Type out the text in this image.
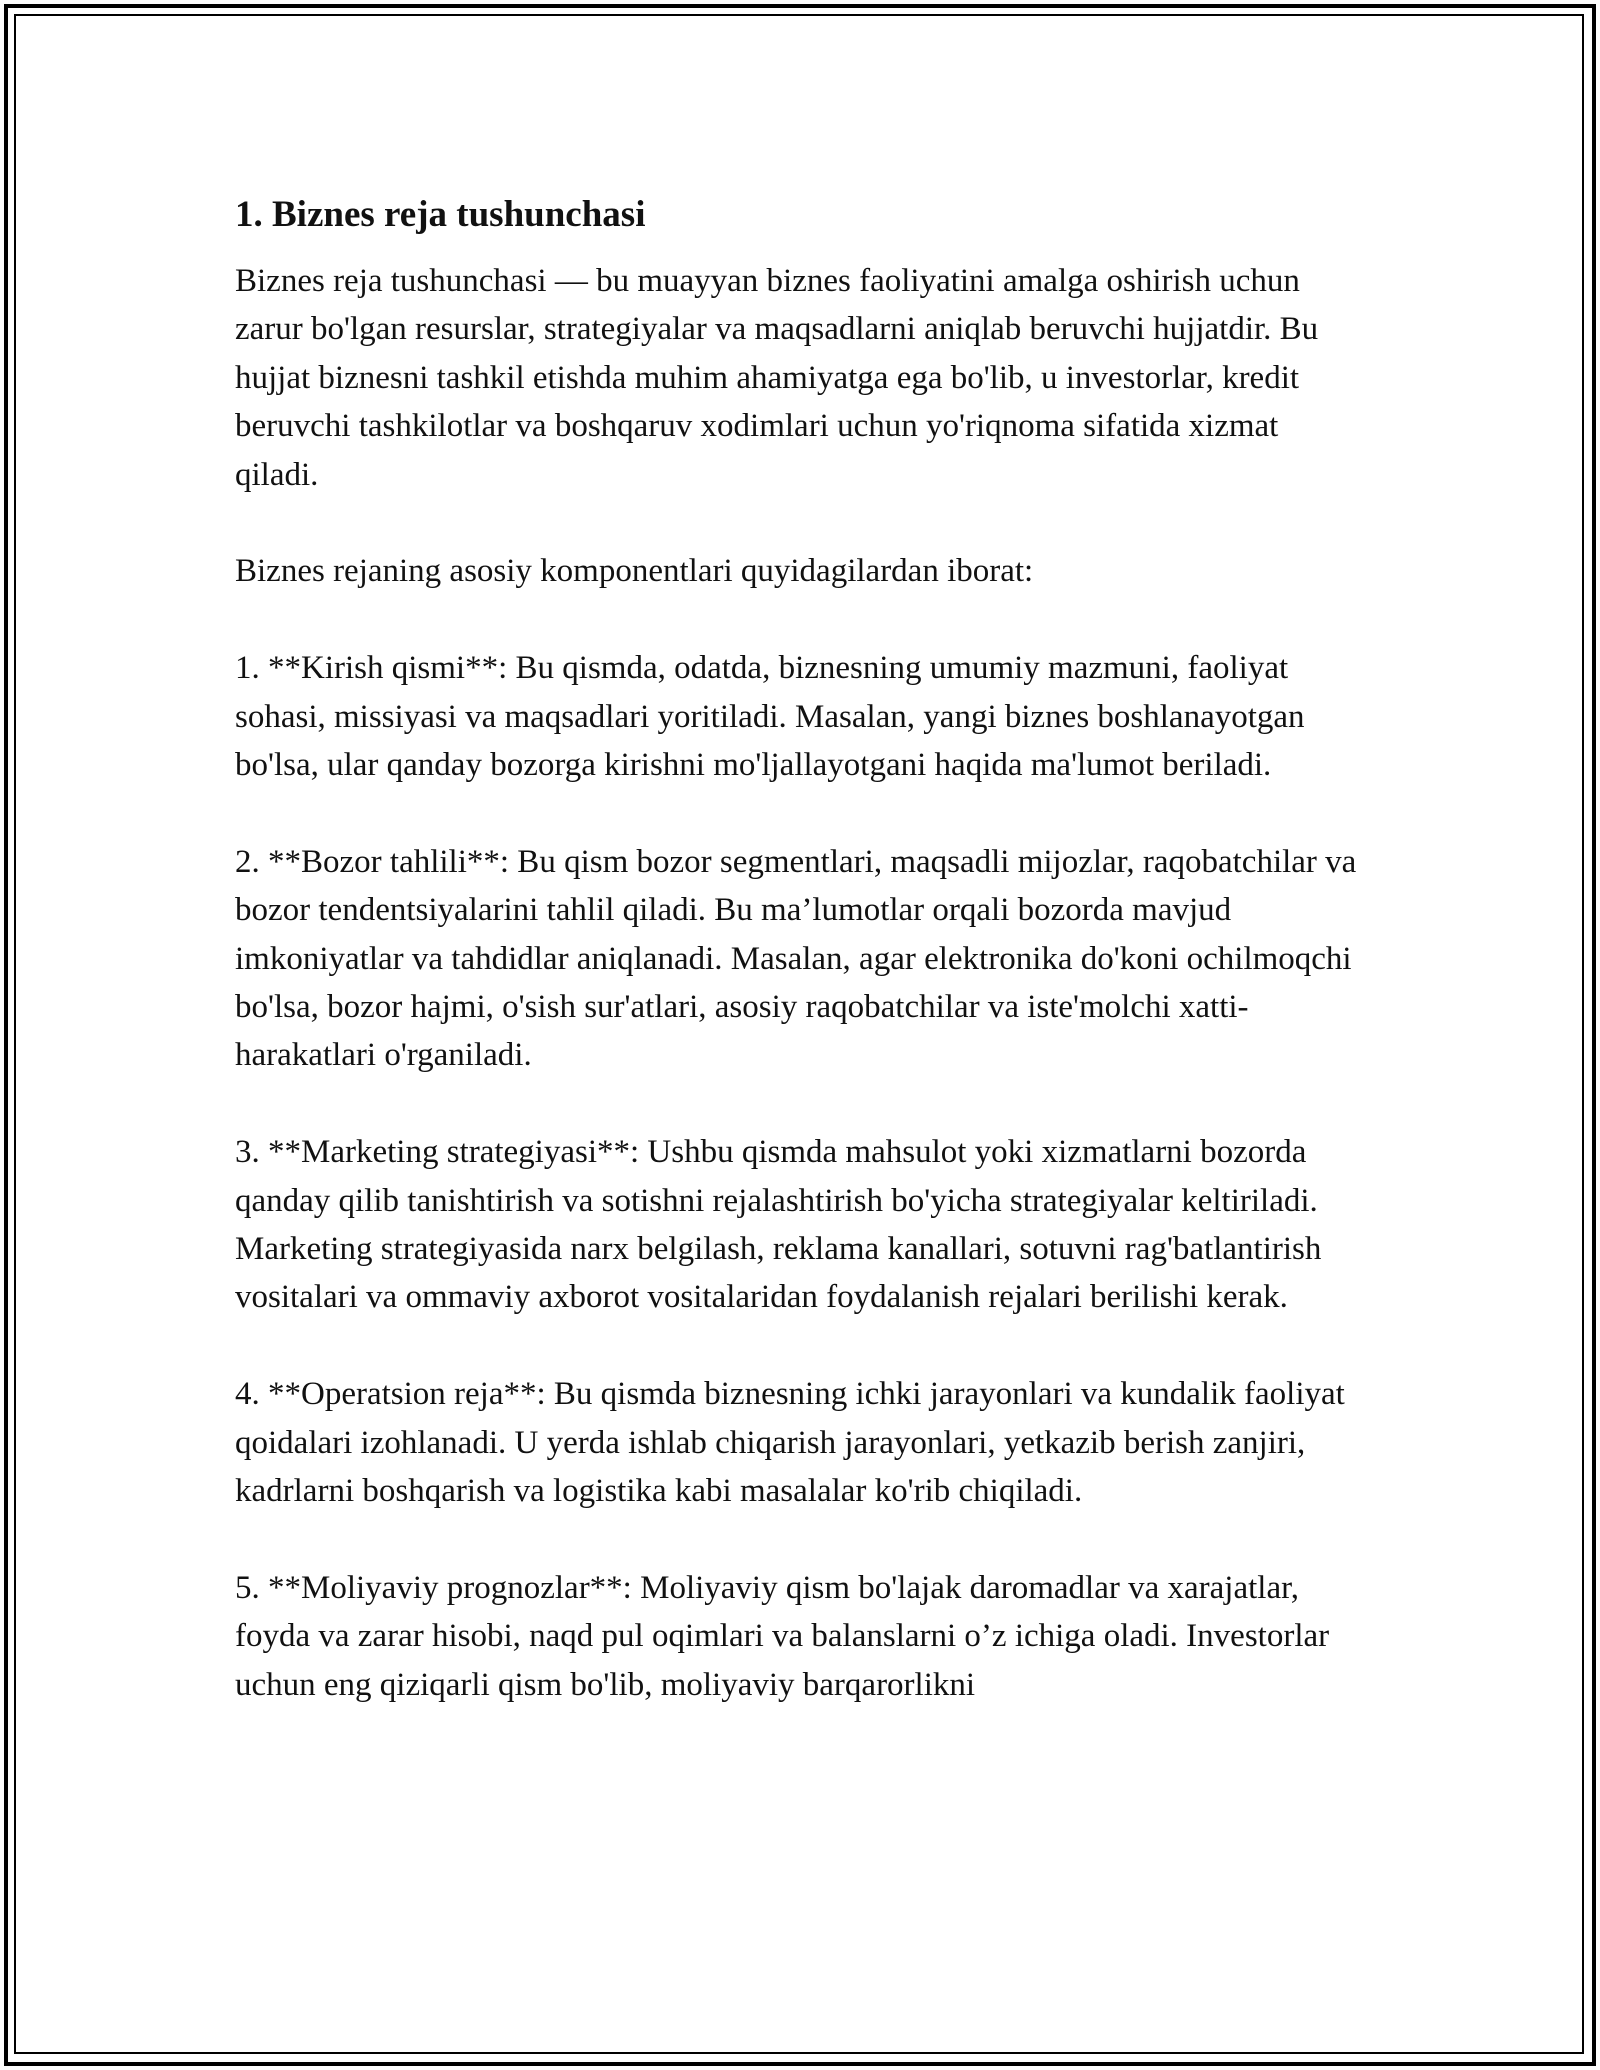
1. Biznes reja tushunchasi

Biznes reja tushunchasi — bu muayyan biznes faoliyatini amalga oshirish uchun zarur bo'lgan resurslar, strategiyalar va maqsadlarni aniqlab beruvchi hujjatdir. Bu hujjat biznesni tashkil etishda muhim ahamiyatga ega bo'lib, u investorlar, kredit beruvchi tashkilotlar va boshqaruv xodimlari uchun yo'riqnoma sifatida xizmat qiladi.

Biznes rejaning asosiy komponentlari quyidagilardan iborat:

1. **Kirish qismi**: Bu qismda, odatda, biznesning umumiy mazmuni, faoliyat sohasi, missiyasi va maqsadlari yoritiladi. Masalan, yangi biznes boshlanayotgan bo'lsa, ular qanday bozorga kirishni mo'ljallayotgani haqida ma'lumot beriladi.

2. **Bozor tahlili**: Bu qism bozor segmentlari, maqsadli mijozlar, raqobatchilar va bozor tendentsiyalarini tahlil qiladi. Bu ma’lumotlar orqali bozorda mavjud imkoniyatlar va tahdidlar aniqlanadi. Masalan, agar elektronika do'koni ochilmoqchi bo'lsa, bozor hajmi, o'sish sur'atlari, asosiy raqobatchilar va iste'molchi xatti-harakatlari o'rganiladi.

3. **Marketing strategiyasi**: Ushbu qismda mahsulot yoki xizmatlarni bozorda qanday qilib tanishtirish va sotishni rejalashtirish bo'yicha strategiyalar keltiriladi. Marketing strategiyasida narx belgilash, reklama kanallari, sotuvni rag'batlantirish vositalari va ommaviy axborot vositalaridan foydalanish rejalari berilishi kerak.

4. **Operatsion reja**: Bu qismda biznesning ichki jarayonlari va kundalik faoliyat qoidalari izohlanadi. U yerda ishlab chiqarish jarayonlari, yetkazib berish zanjiri, kadrlarni boshqarish va logistika kabi masalalar ko'rib chiqiladi.

5. **Moliyaviy prognozlar**: Moliyaviy qism bo'lajak daromadlar va xarajatlar, foyda va zarar hisobi, naqd pul oqimlari va balanslarni o’z ichiga oladi. Investorlar uchun eng qiziqarli qism bo'lib, moliyaviy barqarorlikni
